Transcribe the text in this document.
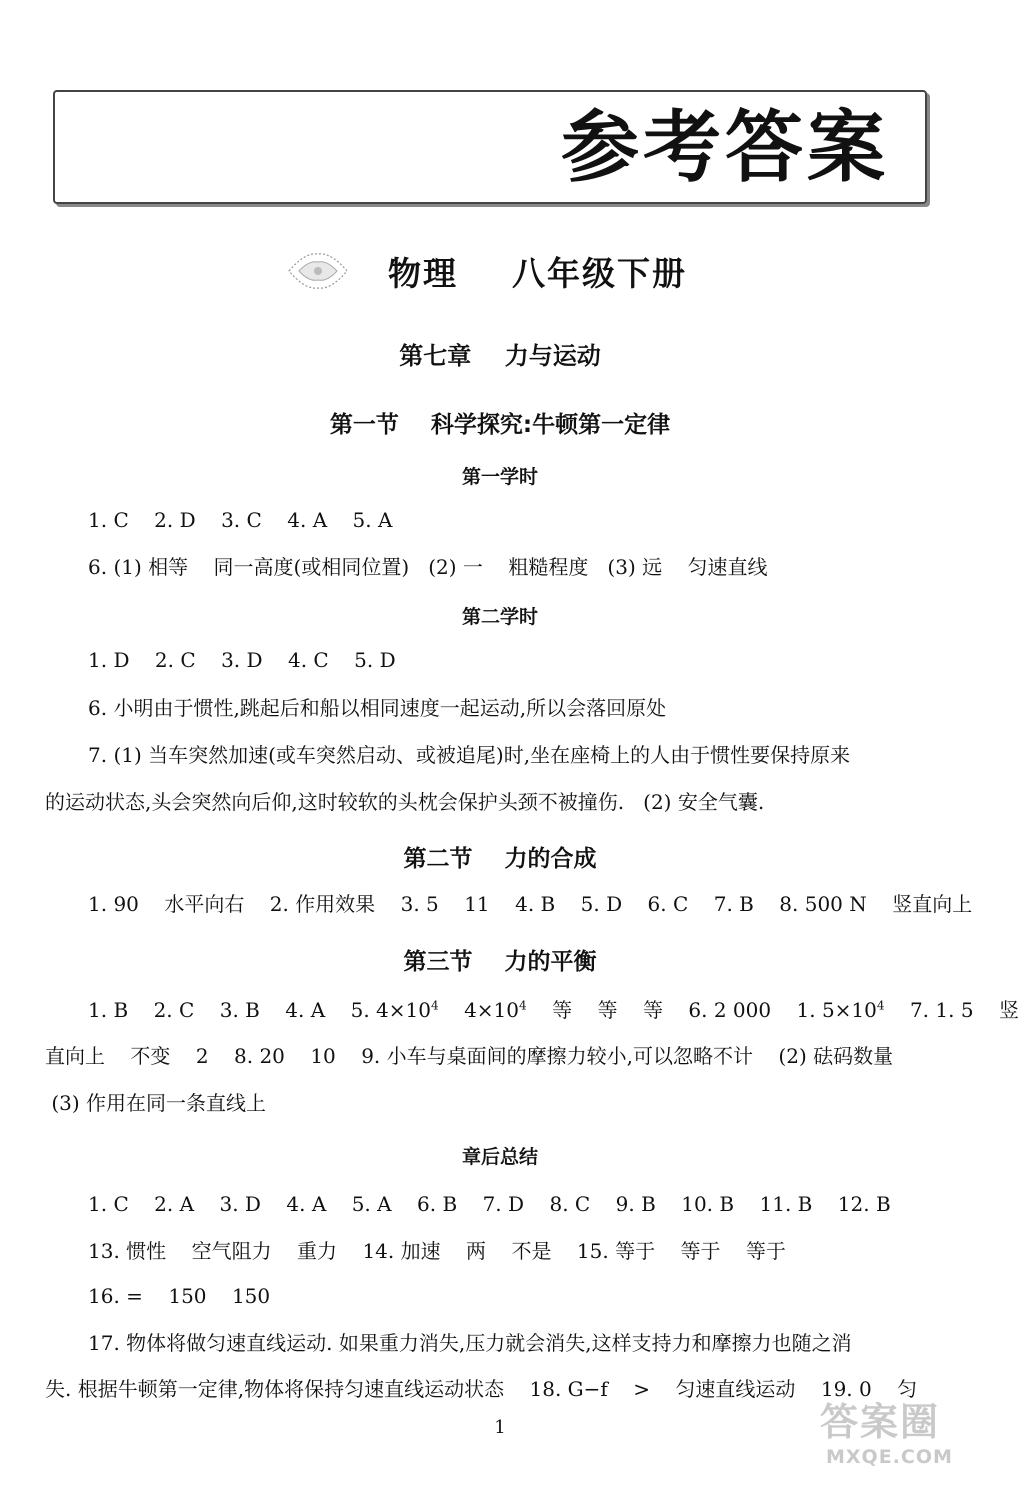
参考答案
物理    八年级下册
第七章    力与运动
第一节    科学探究:牛顿第一定律
第一学时
1. C    2. D    3. C    4. A    5. A
6. (1) 相等    同一高度(或相同位置)   (2) 一    粗糙程度   (3) 远    匀速直线
第二学时
1. D    2. C    3. D    4. C    5. D
6. 小明由于惯性,跳起后和船以相同速度一起运动,所以会落回原处
7. (1) 当车突然加速(或车突然启动、或被追尾)时,坐在座椅上的人由于惯性要保持原来
的运动状态,头会突然向后仰,这时较软的头枕会保护头颈不被撞伤.   (2) 安全气囊.
第二节    力的合成
1. 90    水平向右    2. 作用效果    3. 5    11    4. B    5. D    6. C    7. B    8. 500 N    竖直向上
第三节    力的平衡
1. B    2. C    3. B    4. A    5. $4\times 10^4$    $4\times 10^4$    等    等    等    6. 2 000    1. $5\times 10^4$    7. 1. 5    竖
直向上    不变    2    8. 20    10    9. 小车与桌面间的摩擦力较小,可以忽略不计    (2) 砝码数量
(3) 作用在同一条直线上
章后总结
1. C    2. A    3. D    4. A    5. A    6. B    7. D    8. C    9. B    10. B    11. B    12. B
13. 惯性    空气阻力    重力    14. 加速    两    不是    15. 等于    等于    等于
16. =    150    150
17. 物体将做匀速直线运动. 如果重力消失,压力就会消失,这样支持力和摩擦力也随之消
失. 根据牛顿第一定律,物体将保持匀速直线运动状态    18. G−f    >    匀速直线运动    19. 0    匀
1	答案圈
MXQE.COM
